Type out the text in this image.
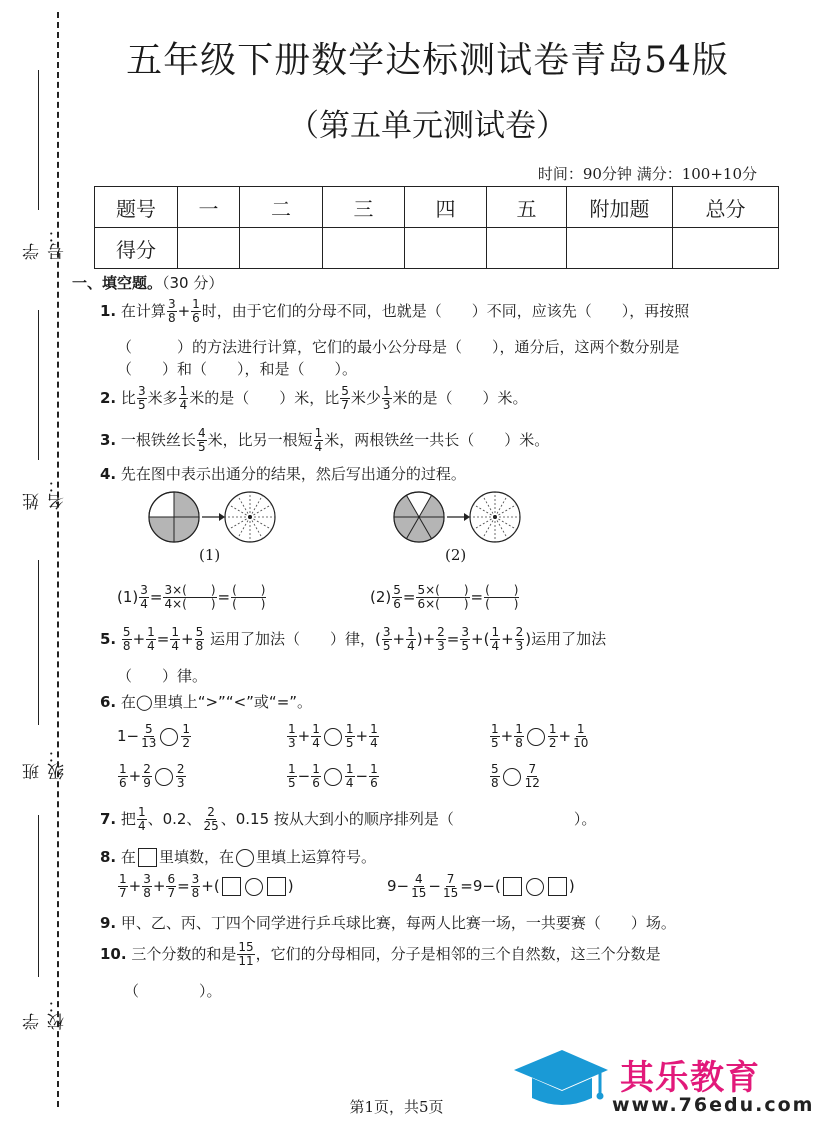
学号：
姓名：
班级：
学校：
五年级下册数学达标测试卷青岛54版
（第五单元测试卷）
时间：90分钟 满分：100+10分
题号	一	二	三	四	五	附加题	总分
得分							
一、填空题。（30 分）
1. 在计算 $\frac{3}{8} + \frac{1}{6}$ 时，由于它们的分母不同，也就是（　　）不同，应该先（　　），再按照
（　　　）的方法进行计算，它们的最小公分母是（　　），通分后，这两个数分别是
（　　）和（　　），和是（　　）。
2. 比 $\frac{3}{5}$ 米多 $\frac{1}{4}$ 米的是（　　）米，比 $\frac{5}{7}$ 米少 $\frac{1}{3}$ 米的是（　　）米。
3. 一根铁丝长 $\frac{4}{5}$ 米，比另一根短 $\frac{1}{4}$ 米，两根铁丝一共长（　　）米。
4. 先在图中表示出通分的结果，然后写出通分的过程。
(1)	(2)
$(1) \frac{3}{4} = \frac{3\times( )}{4\times( )} = \frac{( )}{( )}$	$(2) \frac{5}{6} = \frac{5\times( )}{6\times( )} = \frac{( )}{( )}$
5. $\frac{5}{8} + \frac{1}{4} = \frac{1}{4} + \frac{5}{8}$ 运用了加法（　　）律，( $\frac{3}{5} + \frac{1}{4}$ )+ $\frac{2}{3} = \frac{3}{5}$ +( $\frac{1}{4} + \frac{2}{3}$ )运用了加法
（　　）律。
6. 在◯里填上“>”“<”或“=”。
$1- \frac{5}{13} \frac{1}{2}$	$\frac{1}{3} + \frac{1}{4} \frac{1}{5} + \frac{1}{4}$	$\frac{1}{5} + \frac{1}{8} \frac{1}{2} + \frac{1}{10}$
$\frac{1}{6} + \frac{2}{9} \frac{2}{3}$	$\frac{1}{5} - \frac{1}{6} \frac{1}{4} - \frac{1}{6}$	$\frac{5}{8} \frac{7}{12}$
7. 把 $\frac{1}{4}$ 、0.2、 $\frac{2}{25}$ 、0.15 按从大到小的顺序排列是（　　　　　　　　）。
8. 在 里填数，在 里填上运算符号。
$\frac{1}{7} + \frac{3}{8} + \frac{6}{7} = \frac{3}{8}$ +(	)	$9- \frac{4}{15} - \frac{7}{15} =9-$(	)
9. 甲、乙、丙、丁四个同学进行乒乓球比赛，每两人比赛一场，一共要赛（　　）场。
10. 三个分数的和是 $\frac{15}{11}$ ，它们的分母相同，分子是相邻的三个自然数，这三个分数是
（　　　　）。
第1页，共5页
其乐教育
www.76edu.com
